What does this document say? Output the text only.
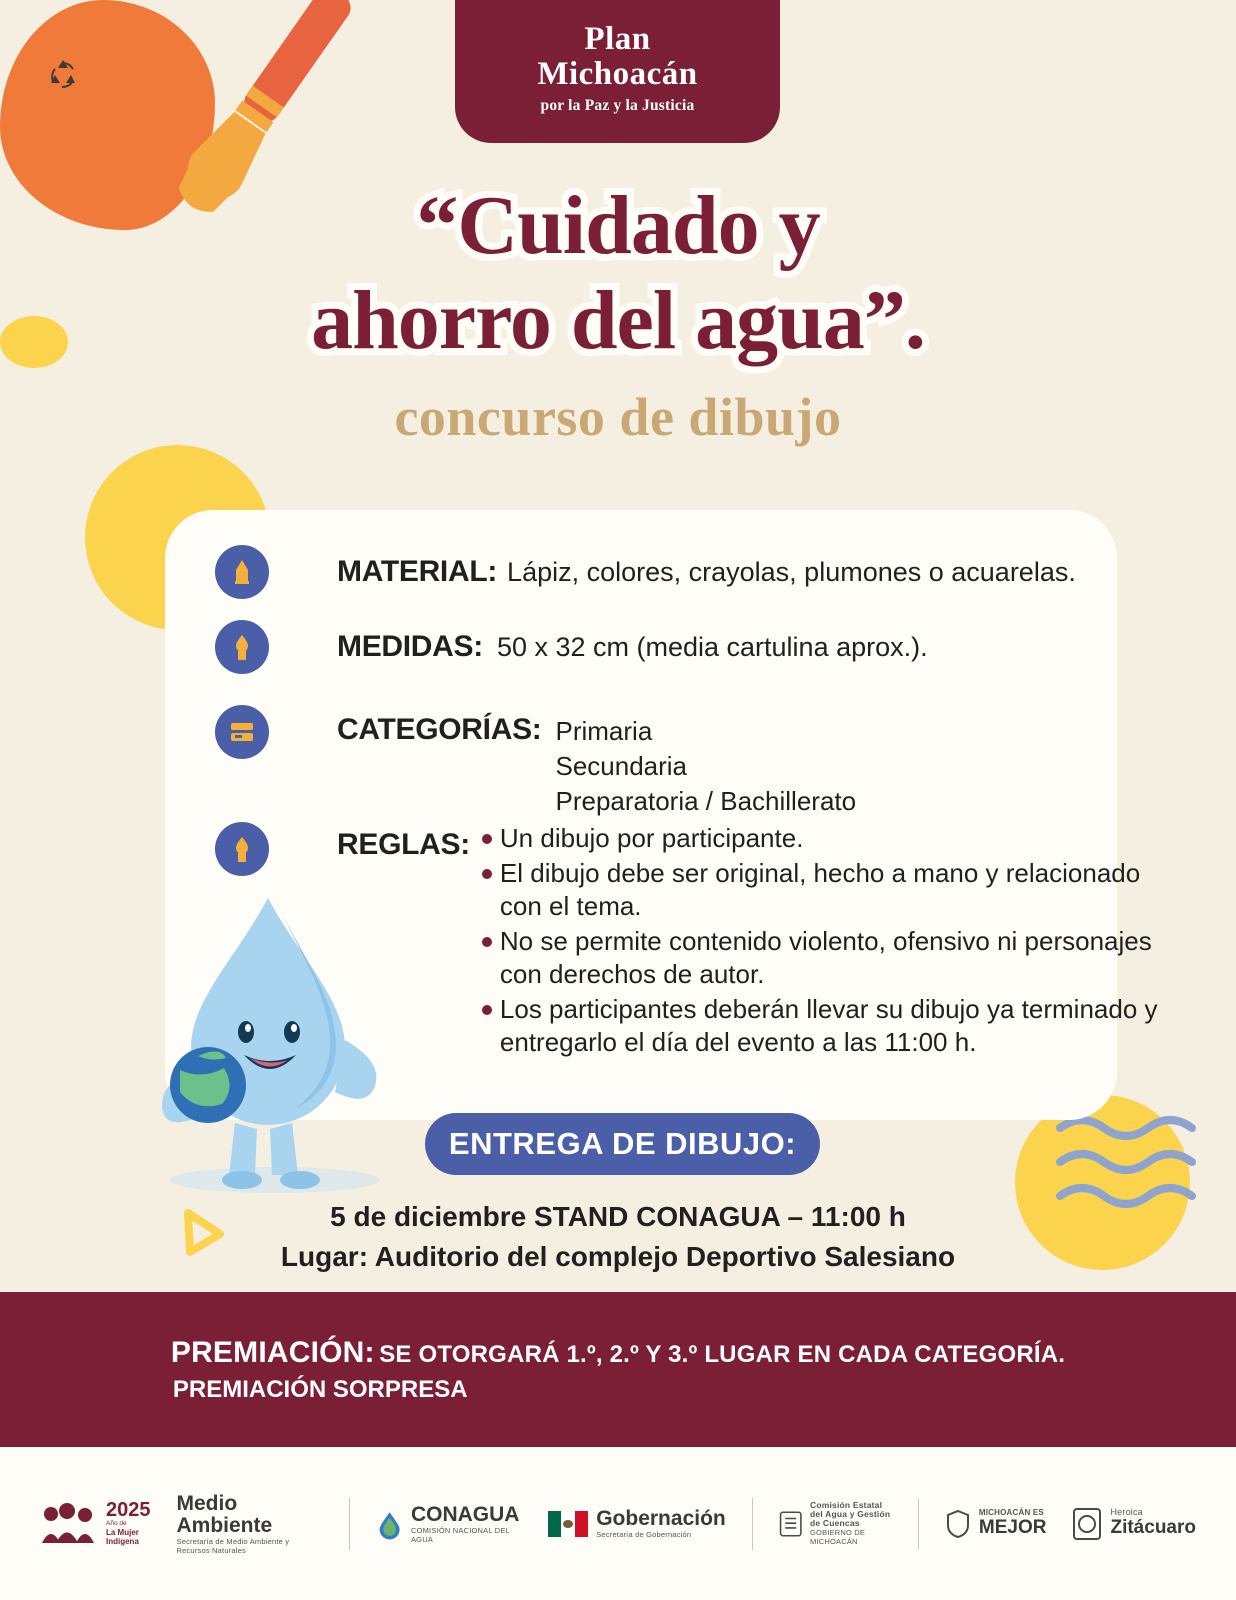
Plan
Michoacán
por la Paz y la Justicia
“Cuidado y
ahorro del agua”.
concurso de dibujo
MATERIAL: Lápiz, colores, crayolas, plumones o acuarelas.
MEDIDAS: 50 x 32 cm (media cartulina aprox.).
CATEGORÍAS: Primaria
Secundaria
Preparatoria / Bachillerato
REGLAS:	Un dibujo por participante.
El dibujo debe ser original, hecho a mano y relacionado con el tema.
No se permite contenido violento, ofensivo ni personajes con derechos de autor.
Los participantes deberán llevar su dibujo ya terminado y entregarlo el día del evento a las 11:00 h.
ENTREGA DE DIBUJO:
5 de diciembre STAND CONAGUA – 11:00 h
Lugar: Auditorio del complejo Deportivo Salesiano
PREMIACIÓN: SE OTORGARÁ 1.º, 2.º Y 3.º LUGAR EN CADA CATEGORÍA.
PREMIACIÓN SORPRESA
2025
Año de
La Mujer
Indígena
Medio Ambiente
Secretaría de Medio Ambiente y Recursos Naturales
CONAGUA
COMISIÓN NACIONAL DEL AGUA
Gobernación
Secretaría de Gobernación
Comisión Estatal
del Agua y Gestión
de Cuencas
GOBIERNO DE MICHOACÁN
MICHOACÁN ES
MEJOR
Heroica
Zitácuaro
